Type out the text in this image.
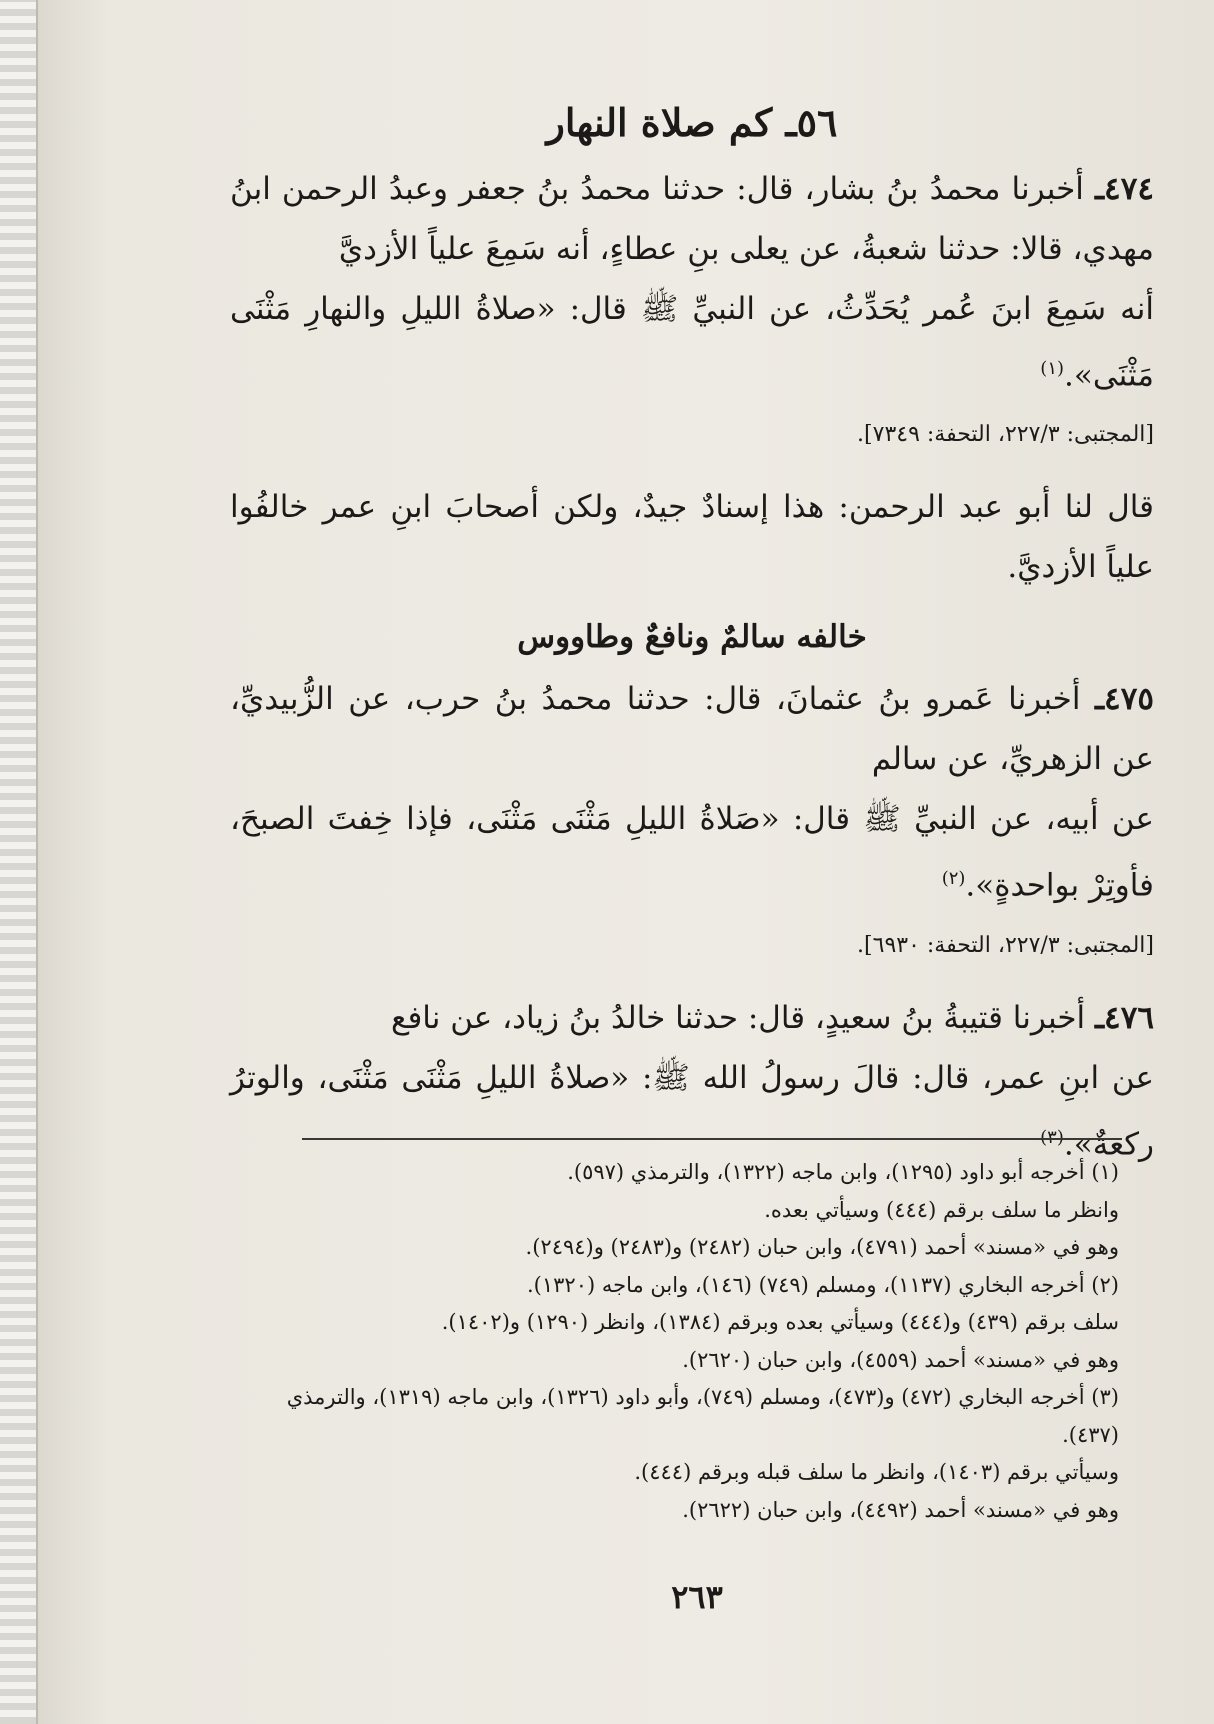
٥٦ـ كم صلاة النهار

٤٧٤ـ أخبرنا محمدُ بنُ بشار، قال: حدثنا محمدُ بنُ جعفر وعبدُ الرحمن ابنُ مهدي، قالا: حدثنا شعبةُ، عن يعلى بنِ عطاءٍ، أنه سَمِعَ علياً الأزديَّ

أنه سَمِعَ ابنَ عُمر يُحَدِّثُ، عن النبيِّ ﷺ قال: «صلاةُ الليلِ والنهارِ مَثْنَى مَثْنَى».$^{(١)}$

[المجتبى: ٢٢٧/٣، التحفة: ٧٣٤٩].

قال لنا أبو عبد الرحمن: هذا إسنادٌ جيدٌ، ولكن أصحابَ ابنِ عمر خالفُوا علياً الأزديَّ.

خالفه سالمٌ ونافعٌ وطاووس

٤٧٥ـ أخبرنا عَمرو بنُ عثمانَ، قال: حدثنا محمدُ بنُ حرب، عن الزُّبيديِّ، عن الزهريِّ، عن سالم

عن أبيه، عن النبيِّ ﷺ قال: «صَلاةُ الليلِ مَثْنَى مَثْنَى، فإذا خِفتَ الصبحَ، فأوتِرْ بواحدةٍ».$^{(٢)}$

[المجتبى: ٢٢٧/٣، التحفة: ٦٩٣٠].

٤٧٦ـ أخبرنا قتيبةُ بنُ سعيدٍ، قال: حدثنا خالدُ بنُ زياد، عن نافع

عن ابنِ عمر، قال: قالَ رسولُ الله ﷺ: «صلاةُ الليلِ مَثْنَى مَثْنَى، والوترُ ركعةٌ».$^{(٣)}$

(١) أخرجه أبو داود (١٢٩٥)، وابن ماجه (١٣٢٢)، والترمذي (٥٩٧).
وانظر ما سلف برقم (٤٤٤) وسيأتي بعده.
وهو في «مسند» أحمد (٤٧٩١)، وابن حبان (٢٤٨٢) و(٢٤٨٣) و(٢٤٩٤).
(٢) أخرجه البخاري (١١٣٧)، ومسلم (٧٤٩) (١٤٦)، وابن ماجه (١٣٢٠).
سلف برقم (٤٣٩) و(٤٤٤) وسيأتي بعده وبرقم (١٣٨٤)، وانظر (١٢٩٠) و(١٤٠٢).
وهو في «مسند» أحمد (٤٥٥٩)، وابن حبان (٢٦٢٠).
(٣) أخرجه البخاري (٤٧٢) و(٤٧٣)، ومسلم (٧٤٩)، وأبو داود (١٣٢٦)، وابن ماجه (١٣١٩)، والترمذي (٤٣٧).
وسيأتي برقم (١٤٠٣)، وانظر ما سلف قبله وبرقم (٤٤٤).
وهو في «مسند» أحمد (٤٤٩٢)، وابن حبان (٢٦٢٢).
٢٦٣
